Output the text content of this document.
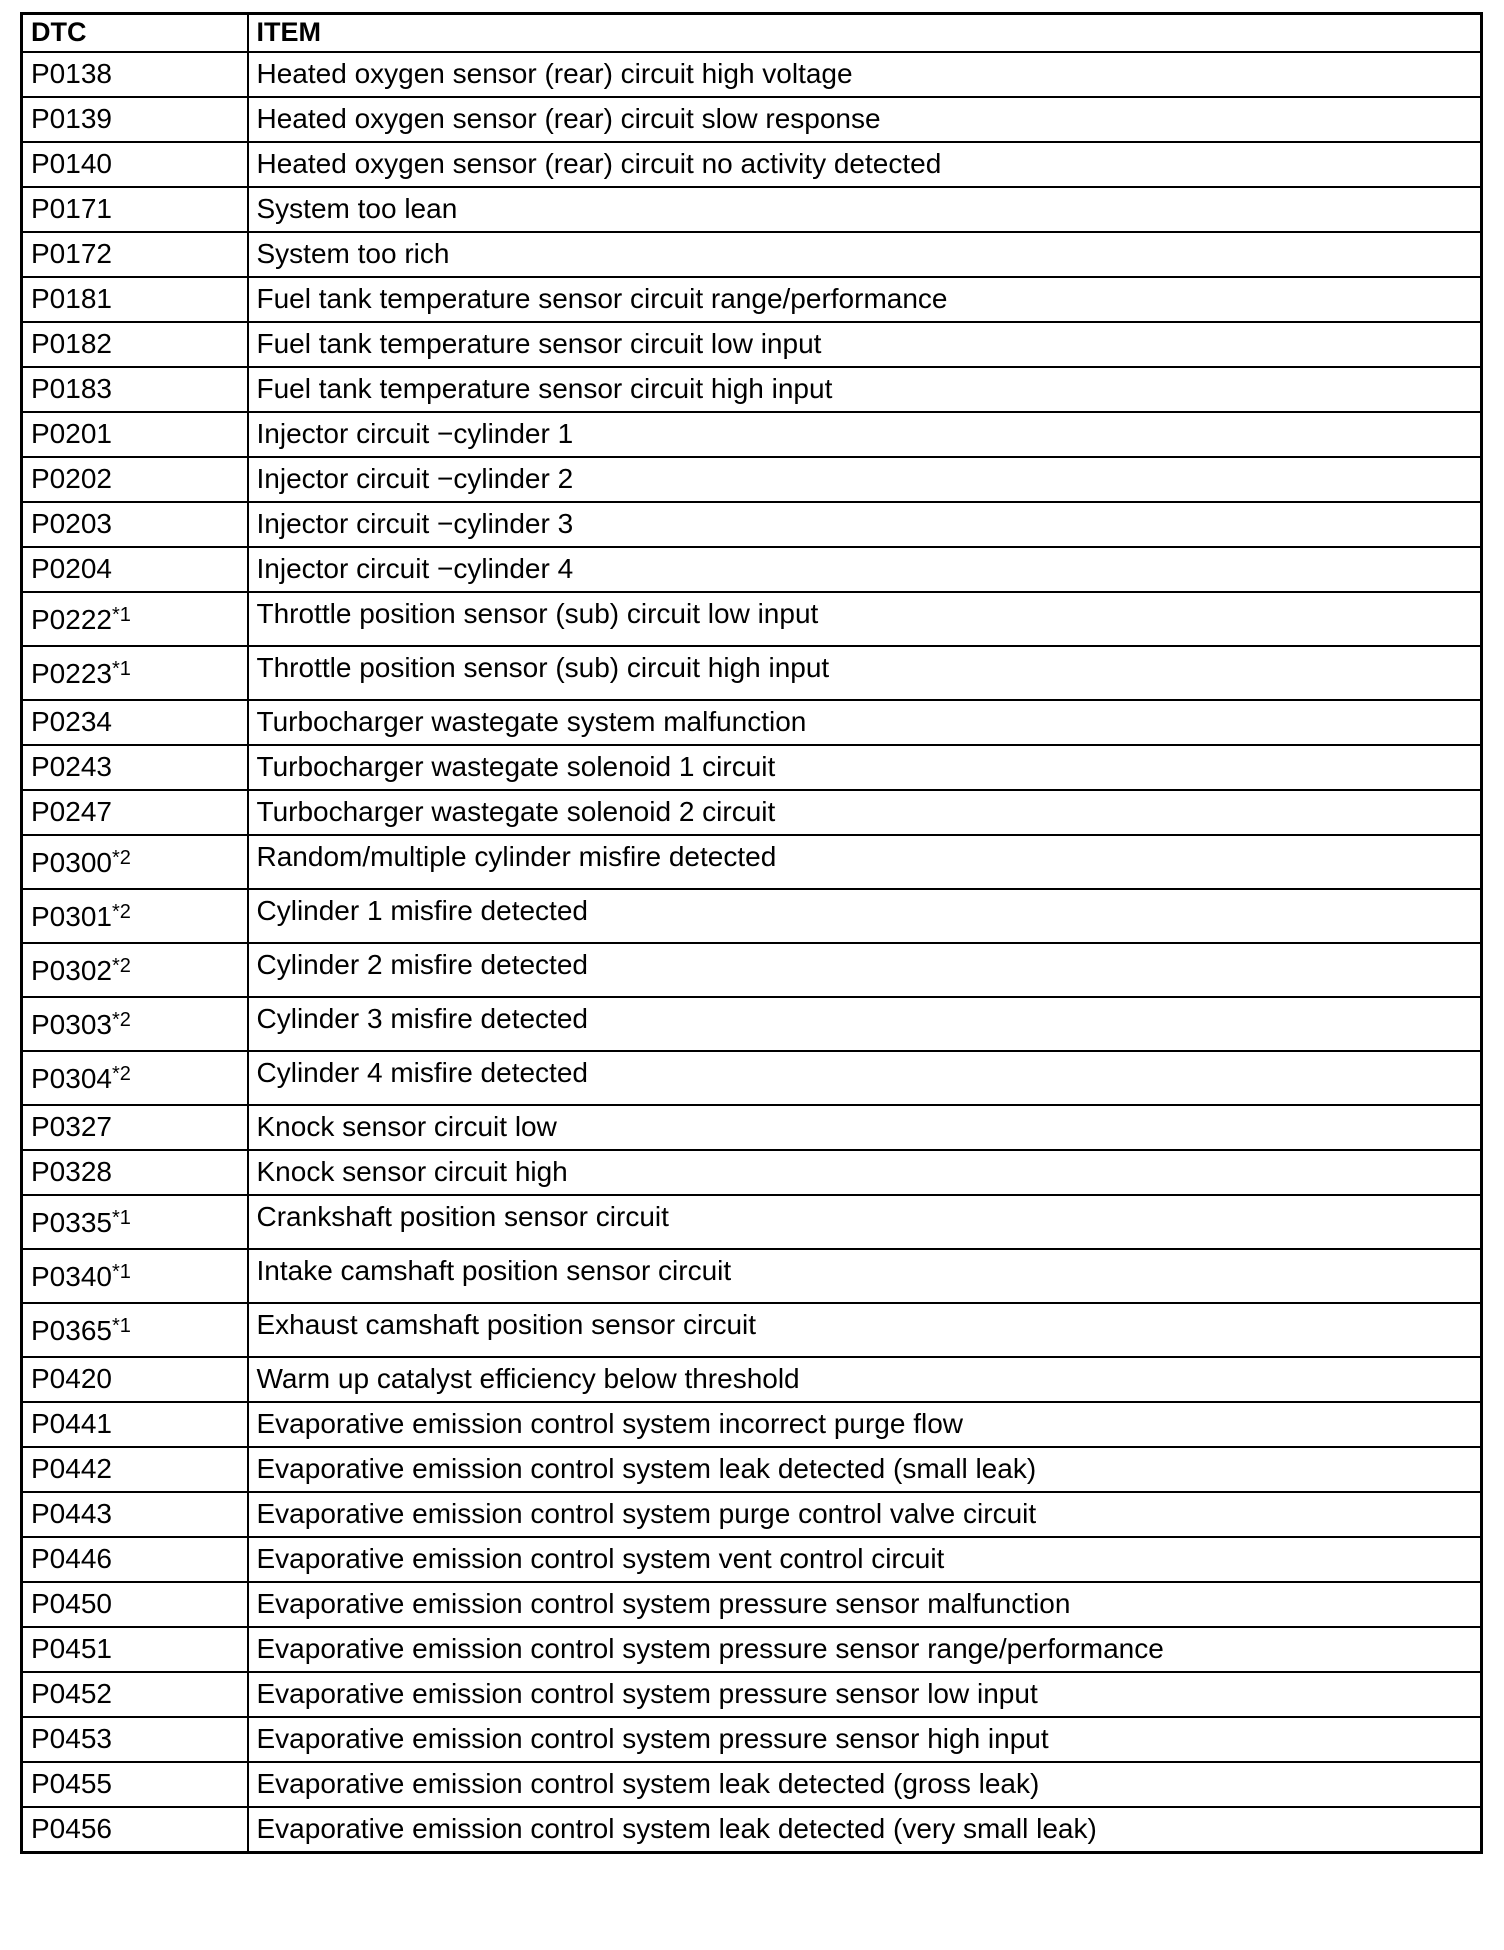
DTC	ITEM
P0138	Heated oxygen sensor (rear) circuit high voltage
P0139	Heated oxygen sensor (rear) circuit slow response
P0140	Heated oxygen sensor (rear) circuit no activity detected
P0171	System too lean
P0172	System too rich
P0181	Fuel tank temperature sensor circuit range/performance
P0182	Fuel tank temperature sensor circuit low input
P0183	Fuel tank temperature sensor circuit high input
P0201	Injector circuit −cylinder 1
P0202	Injector circuit −cylinder 2
P0203	Injector circuit −cylinder 3
P0204	Injector circuit −cylinder 4
P0222$^{*1}$	Throttle position sensor (sub) circuit low input
P0223$^{*1}$	Throttle position sensor (sub) circuit high input
P0234	Turbocharger wastegate system malfunction
P0243	Turbocharger wastegate solenoid 1 circuit
P0247	Turbocharger wastegate solenoid 2 circuit
P0300$^{*2}$	Random/multiple cylinder misfire detected
P0301$^{*2}$	Cylinder 1 misfire detected
P0302$^{*2}$	Cylinder 2 misfire detected
P0303$^{*2}$	Cylinder 3 misfire detected
P0304$^{*2}$	Cylinder 4 misfire detected
P0327	Knock sensor circuit low
P0328	Knock sensor circuit high
P0335$^{*1}$	Crankshaft position sensor circuit
P0340$^{*1}$	Intake camshaft position sensor circuit
P0365$^{*1}$	Exhaust camshaft position sensor circuit
P0420	Warm up catalyst efficiency below threshold
P0441	Evaporative emission control system incorrect purge flow
P0442	Evaporative emission control system leak detected (small leak)
P0443	Evaporative emission control system purge control valve circuit
P0446	Evaporative emission control system vent control circuit
P0450	Evaporative emission control system pressure sensor malfunction
P0451	Evaporative emission control system pressure sensor range/performance
P0452	Evaporative emission control system pressure sensor low input
P0453	Evaporative emission control system pressure sensor high input
P0455	Evaporative emission control system leak detected (gross leak)
P0456	Evaporative emission control system leak detected (very small leak)
